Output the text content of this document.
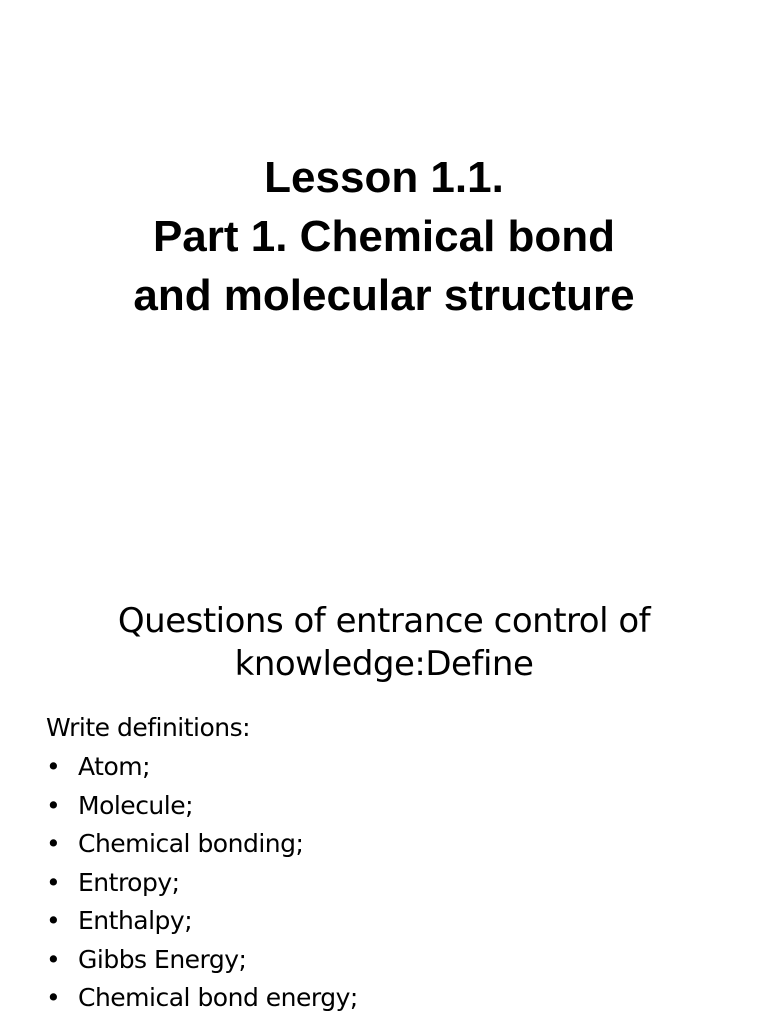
Lesson 1.1.
Part 1. Chemical bond
and molecular structure
Questions of entrance control of
knowledge:Define
Write definitions:
• Atom;
• Molecule;
• Chemical bonding;
• Entropy;
• Enthalpy;
• Gibbs Energy;
• Chemical bond energy;
